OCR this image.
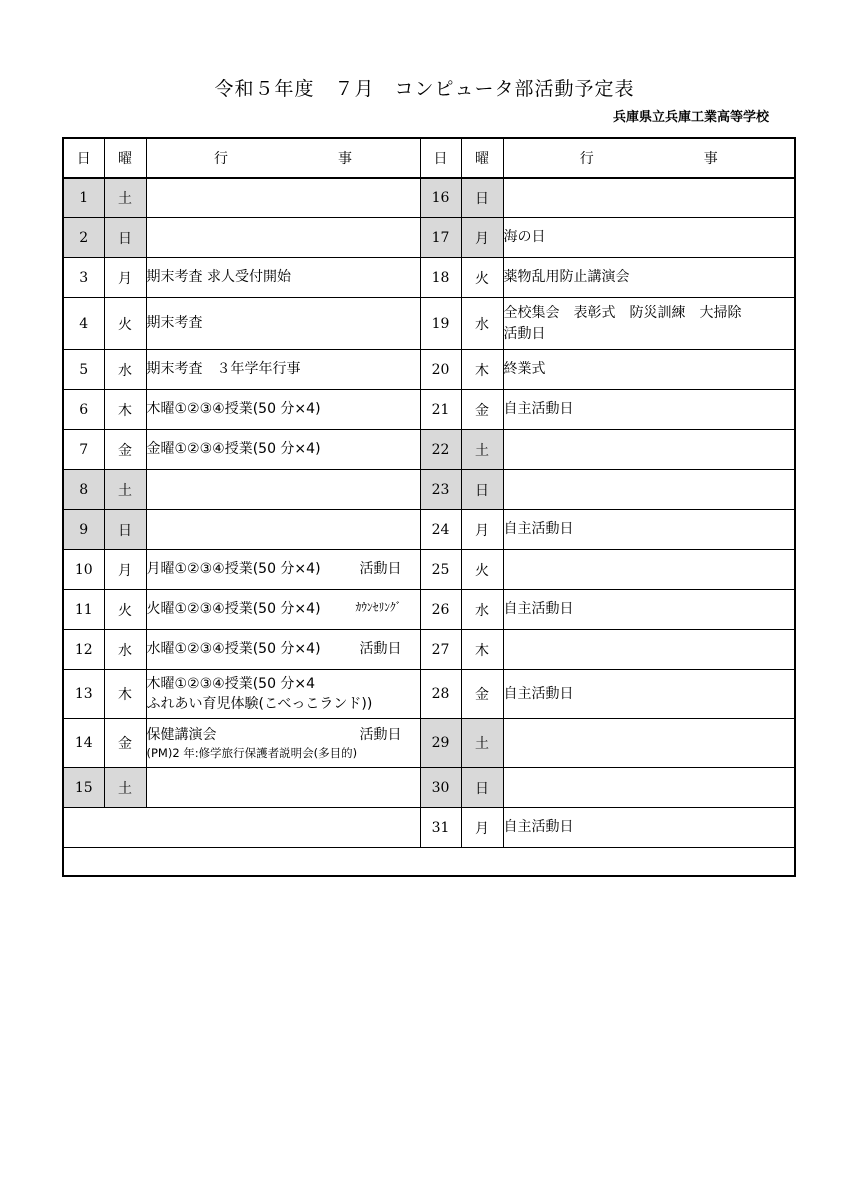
令和５年度　７月　コンピュータ部活動予定表
兵庫県立兵庫工業高等学校
日	曜	行 事	日	曜	行 事
1	土		16	日	
2	日		17	月	海の日

3	月	期末考査 求人受付開始	18	火	薬物乱用防止講演会

4	火	期末考査	19	水	全校集会　表彰式　防災訓練　大掃除
活動日

5	水	期末考査　３年学年行事	20	木	終業式

6	木	木曜①②③④授業(50 分×4)	21	金	自主活動日

7	金	金曜①②③④授業(50 分×4)	22	土	
8	土		23	日	
9	日		24	月	自主活動日

10	月	月曜①②③④授業(50 分×4) 活動日	25	火	
11	火	火曜①②③④授業(50 分×4) ｶｳﾝｾﾘﾝｸﾞ	26	水	自主活動日

12	水	水曜①②③④授業(50 分×4) 活動日	27	木	
13	木	木曜①②③④授業(50 分×4
ふれあい育児体験(こべっこランド))	28	金	自主活動日

14	金	保健講演会 活動日
(PM)2 年:修学旅行保護者説明会(多目的)	29	土	
15	土		30	日	
			31	月	自主活動日
